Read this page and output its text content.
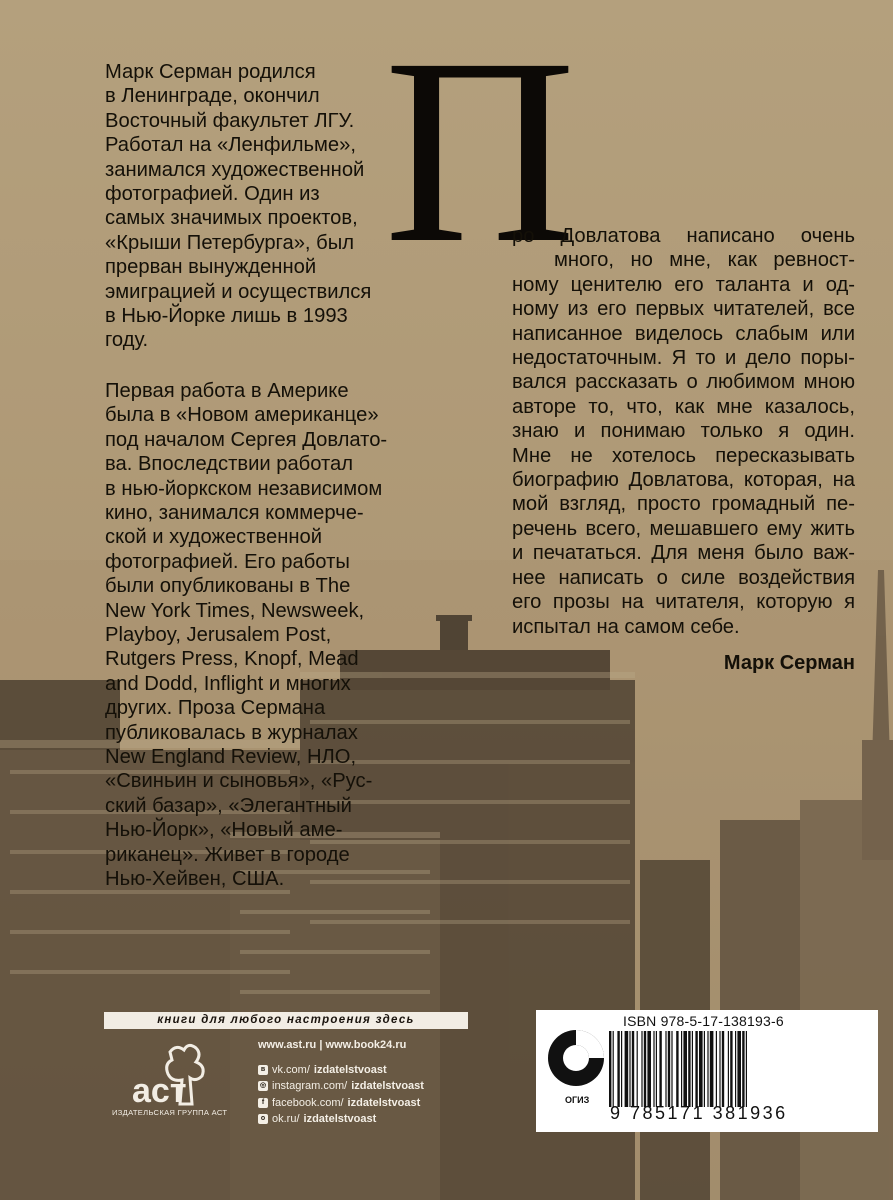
Марк Серман родился
в Ленинграде, окончил
Восточный факультет ЛГУ.
Работал на «Ленфильме»,
занимался художественной
фотографией. Один из
самых значимых проектов,
«Крыши Петербурга», был
прерван вынужденной
эмиграцией и осуществился
в Нью-Йорке лишь в 1993 году.

Первая работа в Америке
была в «Новом американце»
под началом Сергея Довлато-
ва. Впоследствии работал
в нью-йоркском независимом
кино, занимался коммерче-
ской и художественной
фотографией. Его работы
были опубликованы в The
New York Times, Newsweek,
Playboy, Jerusalem Post,
Rutgers Press, Knopf, Mead
and Dodd, Inflight и многих
других. Проза Сермана
публиковалась в журналах
New England Review, НЛО,
«Свиньин и сыновья», «Рус-
ский базар», «Элегантный
Нью-Йорк», «Новый аме-
риканец». Живет в городе
Нью-Хейвен, США.

П
ро Довлатова написано очень
много, но мне, как ревност-
ному ценителю его таланта и од-
ному из его первых читателей, все
написанное виделось слабым или
недостаточным. Я то и дело поры-
вался рассказать о любимом мною
авторе то, что, как мне казалось,
знаю и понимаю только я один.
Мне не хотелось пересказывать
биографию Довлатова, которая, на
мой взгляд, просто громадный пе-
речень всего, мешавшего ему жить
и печататься. Для меня было важ-
нее написать о силе воздействия
его прозы на читателя, которую я
испытал на самом себе.
Марк Серман
книги для любого настроения здесь
аст
ИЗДАТЕЛЬСКАЯ ГРУППА АСТ
www.ast.ru | www.book24.ru
в vk.com/ izdatelstvoast
◎ instagram.com/ izdatelstvoast
f facebook.com/ izdatelstvoast
о ok.ru/ izdatelstvoast
ОГИЗ
ISBN 978-5-17-138193-6
9 785171 381936
